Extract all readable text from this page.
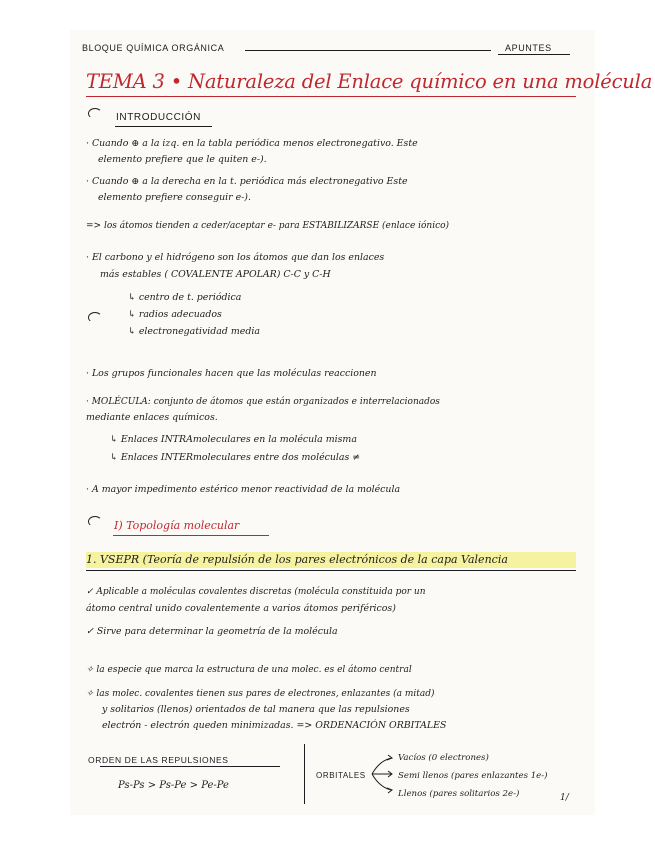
BLOQUE QUÍMICA ORGÁNICA	APUNTES
TEMA 3 • Naturaleza del Enlace químico en una molécula
INTRODUCCIÓN
· Cuando ⊕ a la izq. en la tabla periódica menos electronegativo. Este
elemento prefiere que le quiten e-).
· Cuando ⊕ a la derecha en la t. periódica más electronegativo Este
elemento prefiere conseguir e-).
=> los átomos tienden a ceder/aceptar e- para ESTABILIZARSE (enlace iónico)
· El carbono y el hidrógeno son los átomos que dan los enlaces
más estables ( COVALENTE APOLAR) C-C y C-H
↳ centro de t. periódica
↳ radios adecuados
↳ electronegatividad media
· Los grupos funcionales hacen que las moléculas reaccionen
· MOLÉCULA: conjunto de átomos que están organizados e interrelacionados
mediante enlaces químicos.
↳ Enlaces INTRAmoleculares en la molécula misma
↳ Enlaces INTERmoleculares entre dos moléculas ≠
· A mayor impedimento estérico menor reactividad de la molécula
I) Topología molecular
1. VSEPR (Teoría de repulsión de los pares electrónicos de la capa Valencia
✓ Aplicable a moléculas covalentes discretas (molécula constituida por un
átomo central unido covalentemente a varios átomos periféricos)
✓ Sirve para determinar la geometría de la molécula
✧ la especie que marca la estructura de una molec. es el átomo central
✧ las molec. covalentes tienen sus pares de electrones, enlazantes (a mitad)
y solitarios (llenos) orientados de tal manera que las repulsiones
electrón - electrón queden minimizadas. => ORDENACIÓN ORBITALES
ORDEN DE LAS REPULSIONES
Ps-Ps > Ps-Pe > Pe-Pe
ORBITALES
Vacíos (0 electrones)
Semi llenos (pares enlazantes 1e-)
Llenos (pares solitarios 2e-)	1/
